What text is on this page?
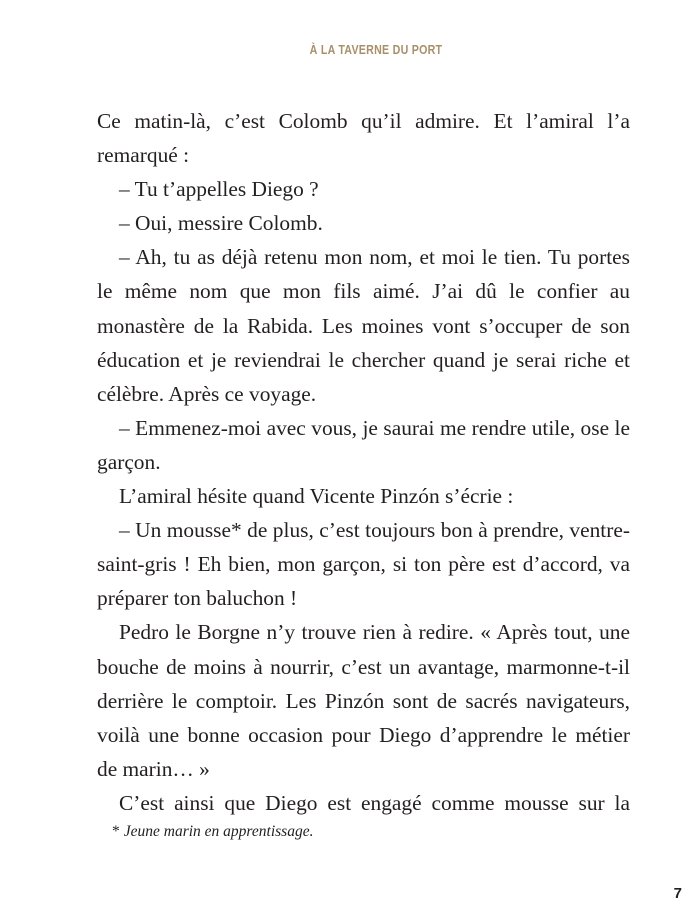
À LA TAVERNE DU PORT

Ce matin-là, c’est Colomb qu’il admire. Et l’amiral l’a remarqué :

– Tu t’appelles Diego ?

– Oui, messire Colomb.

– Ah, tu as déjà retenu mon nom, et moi le tien. Tu portes le même nom que mon fils aimé. J’ai dû le confier au monastère de la Rabida. Les moines vont s’occuper de son éducation et je reviendrai le chercher quand je serai riche et célèbre. Après ce voyage.

– Emmenez-moi avec vous, je saurai me rendre utile, ose le garçon.

L’amiral hésite quand Vicente Pinzón s’écrie :

– Un mousse* de plus, c’est toujours bon à prendre, ventre-saint-gris ! Eh bien, mon garçon, si ton père est d’accord, va préparer ton baluchon !

Pedro le Borgne n’y trouve rien à redire. « Après tout, une bouche de moins à nourrir, c’est un avantage, marmonne-t-il derrière le comptoir. Les Pinzón sont de sacrés navigateurs, voilà une bonne occasion pour Diego d’apprendre le métier de marin… »

C’est ainsi que Diego est engagé comme mousse sur la

* Jeune marin en apprentissage.
7
